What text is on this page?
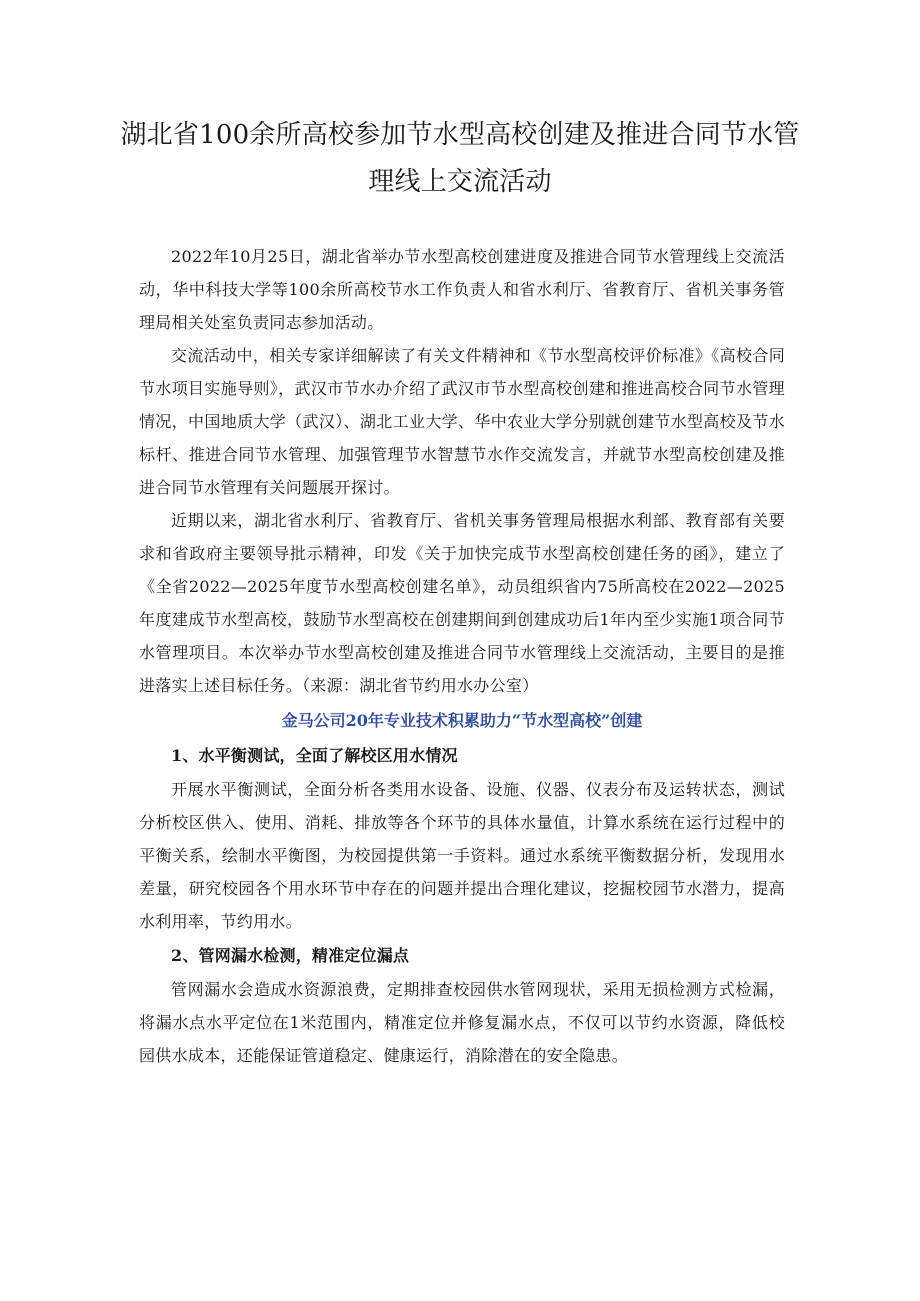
湖北省100余所高校参加节水型高校创建及推进合同节水管理线上交流活动

2022年10月25日，湖北省举办节水型高校创建进度及推进合同节水管理线上交流活动，华中科技大学等100余所高校节水工作负责人和省水利厅、省教育厅、省机关事务管理局相关处室负责同志参加活动。

交流活动中，相关专家详细解读了有关文件精神和《节水型高校评价标准》《高校合同节水项目实施导则》，武汉市节水办介绍了武汉市节水型高校创建和推进高校合同节水管理情况，中国地质大学（武汉）、湖北工业大学、华中农业大学分别就创建节水型高校及节水标杆、推进合同节水管理、加强管理节水智慧节水作交流发言，并就节水型高校创建及推进合同节水管理有关问题展开探讨。

近期以来，湖北省水利厅、省教育厅、省机关事务管理局根据水利部、教育部有关要求和省政府主要领导批示精神，印发《关于加快完成节水型高校创建任务的函》，建立了《全省2022—2025年度节水型高校创建名单》，动员组织省内75所高校在2022—2025年度建成节水型高校，鼓励节水型高校在创建期间到创建成功后1年内至少实施1项合同节水管理项目。本次举办节水型高校创建及推进合同节水管理线上交流活动，主要目的是推进落实上述目标任务。（来源：湖北省节约用水办公室）

金马公司20年专业技术积累助力“节水型高校”创建
1、水平衡测试，全面了解校区用水情况

开展水平衡测试，全面分析各类用水设备、设施、仪器、仪表分布及运转状态，测试分析校区供入、使用、消耗、排放等各个环节的具体水量值，计算水系统在运行过程中的平衡关系，绘制水平衡图，为校园提供第一手资料。通过水系统平衡数据分析，发现用水差量，研究校园各个用水环节中存在的问题并提出合理化建议，挖掘校园节水潜力，提高水利用率，节约用水。

2、管网漏水检测，精准定位漏点

管网漏水会造成水资源浪费，定期排查校园供水管网现状，采用无损检测方式检漏，将漏水点水平定位在1米范围内，精准定位并修复漏水点，不仅可以节约水资源，降低校园供水成本，还能保证管道稳定、健康运行，消除潜在的安全隐患。
